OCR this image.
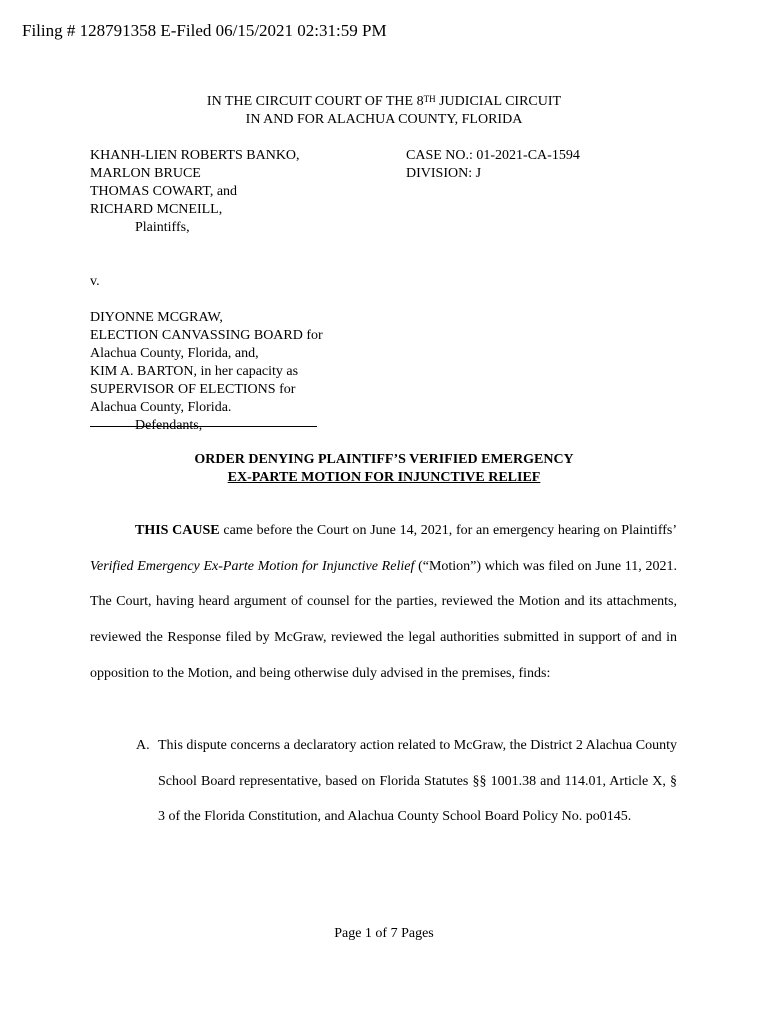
Filing # 128791358 E-Filed 06/15/2021 02:31:59 PM
IN THE CIRCUIT COURT OF THE 8TH JUDICIAL CIRCUIT
IN AND FOR ALACHUA COUNTY, FLORIDA
KHANH-LIEN ROBERTS BANKO,
MARLON BRUCE
THOMAS COWART, and
RICHARD MCNEILL,
Plaintiffs,
v.
DIYONNE MCGRAW,
ELECTION CANVASSING BOARD for
Alachua County, Florida, and,
KIM A. BARTON, in her capacity as
SUPERVISOR OF ELECTIONS for
Alachua County, Florida.
Defendants,
CASE NO.: 01-2021-CA-1594
DIVISION: J
ORDER DENYING PLAINTIFF’S VERIFIED EMERGENCY
EX-PARTE MOTION FOR INJUNCTIVE RELIEF

THIS CAUSE came before the Court on June 14, 2021, for an emergency hearing on Plaintiffs’ Verified Emergency Ex-Parte Motion for Injunctive Relief (“Motion”) which was filed on June 11, 2021. The Court, having heard argument of counsel for the parties, reviewed the Motion and its attachments, reviewed the Response filed by McGraw, reviewed the legal authorities submitted in support of and in opposition to the Motion, and being otherwise duly advised in the premises, finds:

A. This dispute concerns a declaratory action related to McGraw, the District 2 Alachua County School Board representative, based on Florida Statutes §§ 1001.38 and 114.01, Article X, § 3 of the Florida Constitution, and Alachua County School Board Policy No. po0145.
Page 1 of 7 Pages
